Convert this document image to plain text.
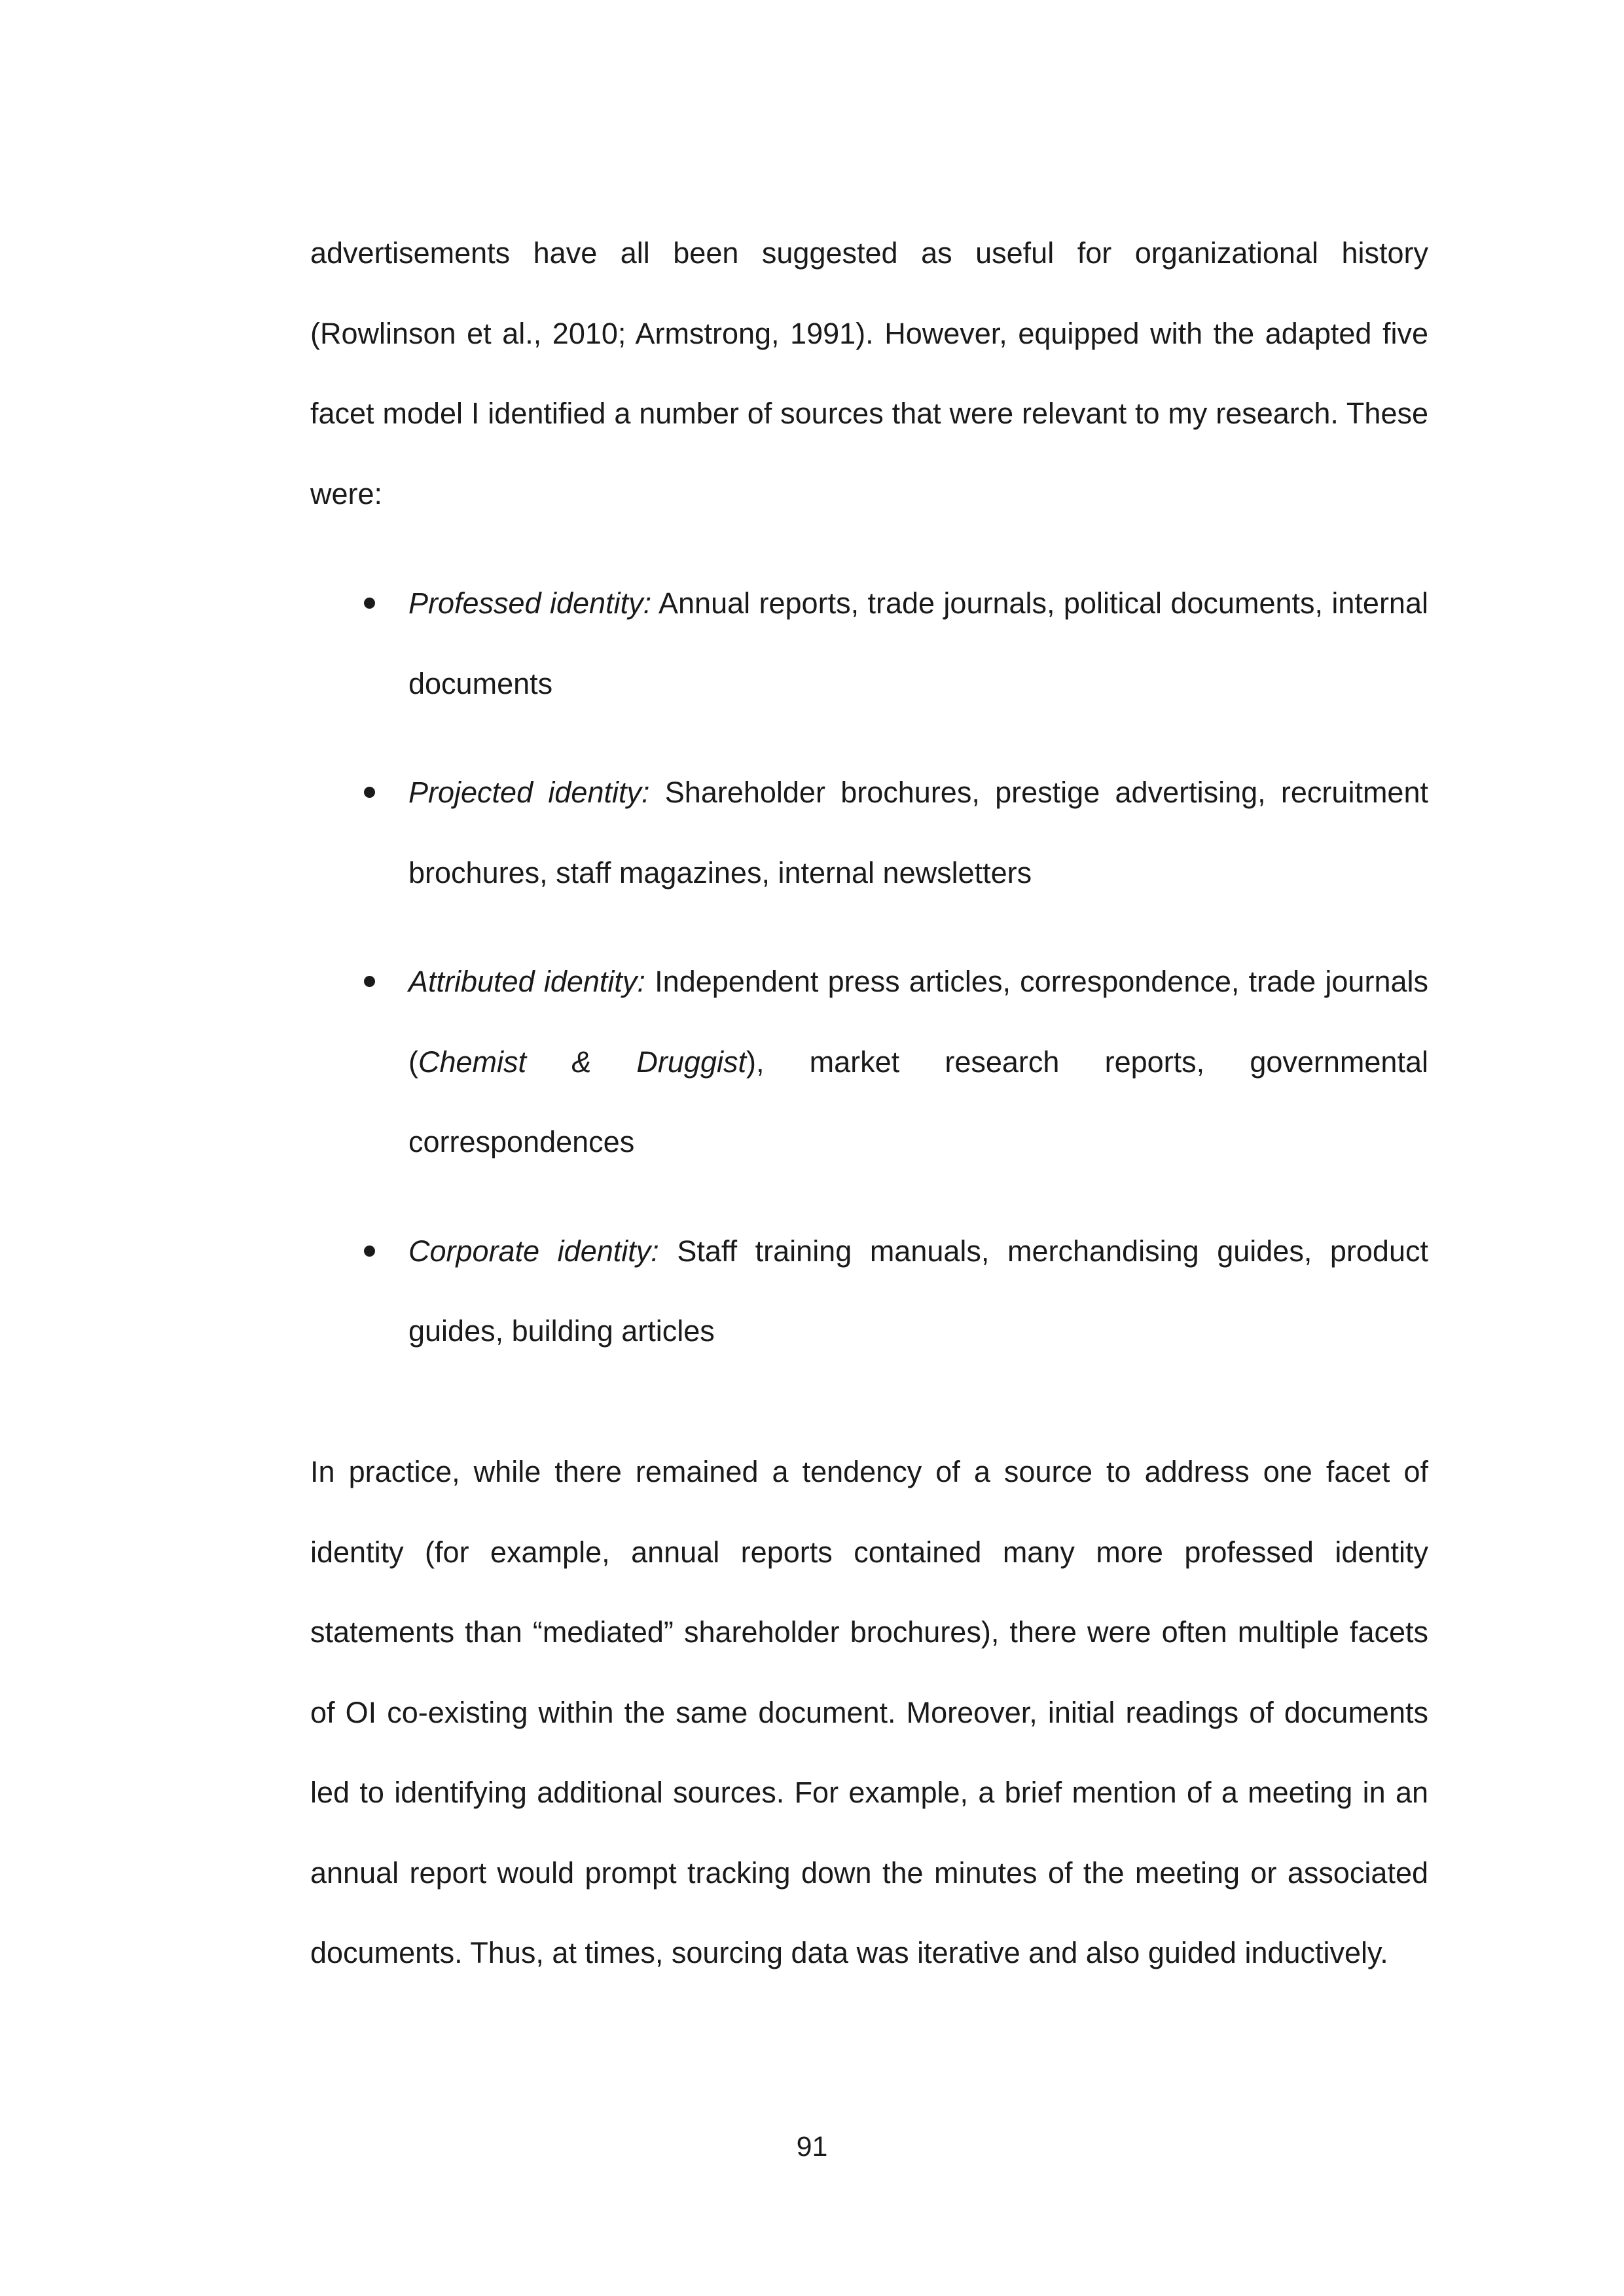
advertisements have all been suggested as useful for organizational history (Rowlinson et al., 2010; Armstrong, 1991). However, equipped with the adapted five facet model I identified a number of sources that were relevant to my research. These were:

Professed identity: Annual reports, trade journals, political documents, internal documents
Projected identity: Shareholder brochures, prestige advertising, recruitment brochures, staff magazines, internal newsletters
Attributed identity: Independent press articles, correspondence, trade journals (Chemist & Druggist), market research reports, governmental correspondences
Corporate identity: Staff training manuals, merchandising guides, product guides, building articles

In practice, while there remained a tendency of a source to address one facet of identity (for example, annual reports contained many more professed identity statements than “mediated” shareholder brochures), there were often multiple facets of OI co-existing within the same document. Moreover, initial readings of documents led to identifying additional sources. For example, a brief mention of a meeting in an annual report would prompt tracking down the minutes of the meeting or associated documents. Thus, at times, sourcing data was iterative and also guided inductively.

91
